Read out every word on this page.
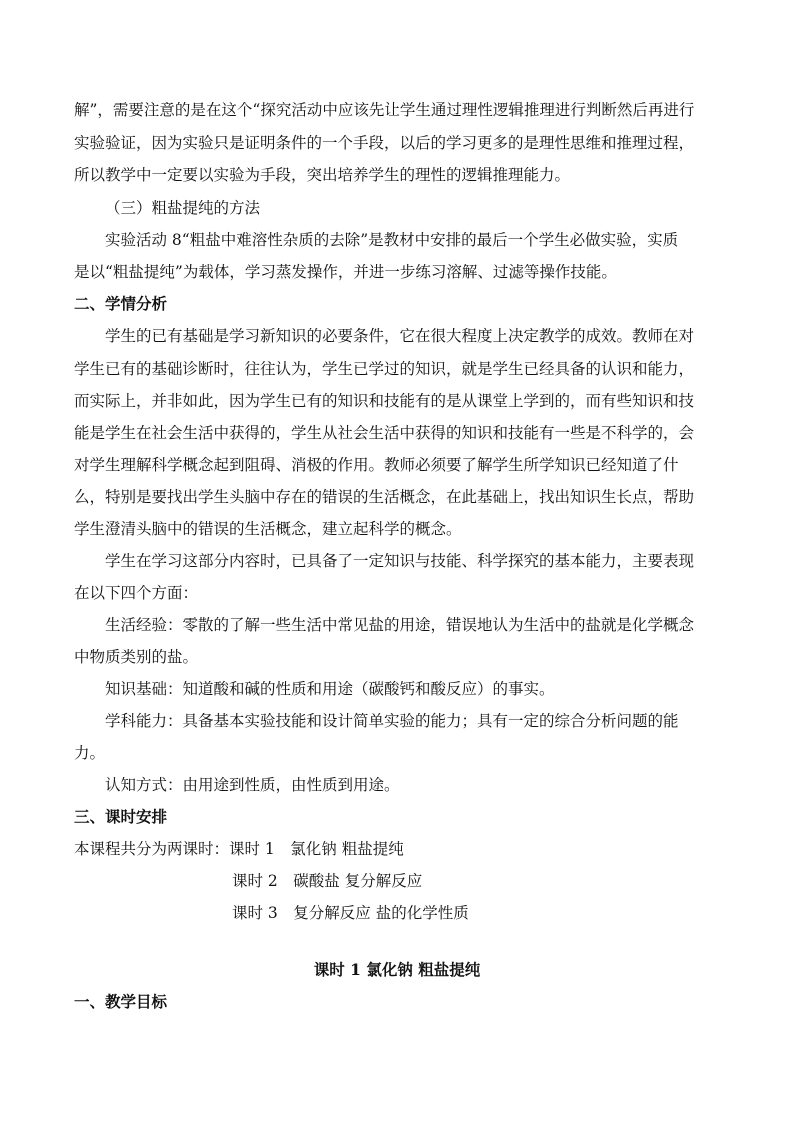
解”，需要注意的是在这个“探究活动中应该先让学生通过理性逻辑推理进行判断然后再进行
实验验证，因为实验只是证明条件的一个手段，以后的学习更多的是理性思维和推理过程，
所以教学中一定要以实验为手段，突出培养学生的理性的逻辑推理能力。
（三）粗盐提纯的方法
实验活动 8“粗盐中难溶性杂质的去除”是教材中安排的最后一个学生必做实验，实质
是以“粗盐提纯”为载体，学习蒸发操作，并进一步练习溶解、过滤等操作技能。
二、学情分析
学生的已有基础是学习新知识的必要条件，它在很大程度上决定教学的成效。教师在对
学生已有的基础诊断时，往往认为，学生已学过的知识，就是学生已经具备的认识和能力，
而实际上，并非如此，因为学生已有的知识和技能有的是从课堂上学到的，而有些知识和技
能是学生在社会生活中获得的，学生从社会生活中获得的知识和技能有一些是不科学的，会
对学生理解科学概念起到阻碍、消极的作用。教师必须要了解学生所学知识已经知道了什
么，特别是要找出学生头脑中存在的错误的生活概念，在此基础上，找出知识生长点，帮助
学生澄清头脑中的错误的生活概念，建立起科学的概念。
学生在学习这部分内容时，已具备了一定知识与技能、科学探究的基本能力，主要表现
在以下四个方面：
生活经验：零散的了解一些生活中常见盐的用途，错误地认为生活中的盐就是化学概念
中物质类别的盐。
知识基础：知道酸和碱的性质和用途（碳酸钙和酸反应）的事实。
学科能力：具备基本实验技能和设计简单实验的能力；具有一定的综合分析问题的能
力。
认知方式：由用途到性质，由性质到用途。
三、课时安排
本课程共分为两课时：课时 1　氯化钠 粗盐提纯
课时 2　碳酸盐 复分解反应
课时 3　复分解反应 盐的化学性质
课时 1 氯化钠 粗盐提纯
一、教学目标
